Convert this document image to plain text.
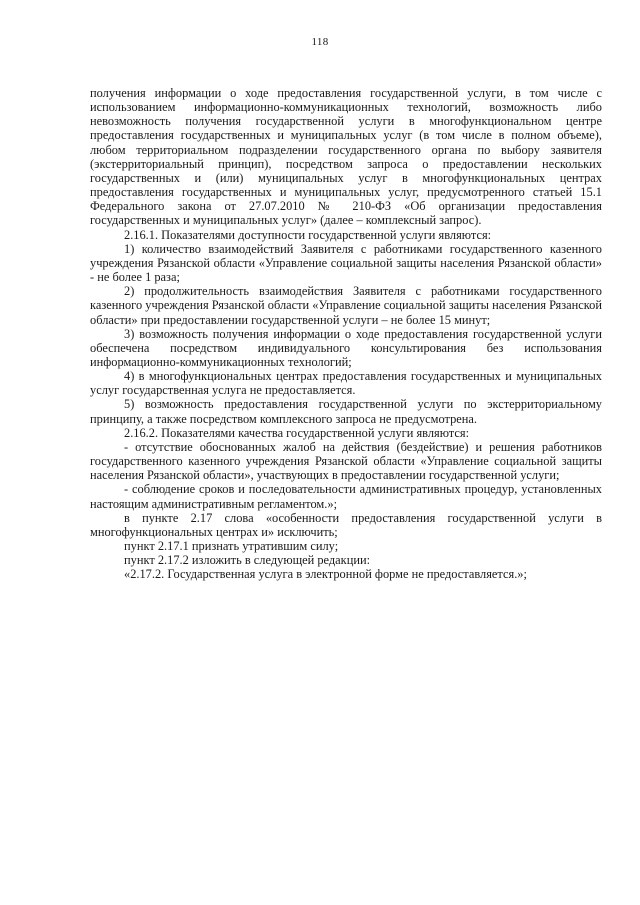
118

получения информации о ходе предоставления государственной услуги, в том числе с использованием информационно-коммуникационных технологий, возможность либо невозможность получения государственной услуги в многофункциональном центре предоставления государственных и муниципальных услуг (в том числе в полном объеме), любом территориальном подразделении государственного органа по выбору заявителя (экстерриториальный принцип), посредством запроса о предоставлении нескольких государственных и (или) муниципальных услуг в многофункциональных центрах предоставления государственных и муниципальных услуг, предусмотренного статьей 15.1 Федерального закона от 27.07.2010 № 210-ФЗ «Об организации предоставления государственных и муниципальных услуг» (далее – комплексный запрос).

2.16.1. Показателями доступности государственной услуги являются:

1) количество взаимодействий Заявителя с работниками государственного казенного учреждения Рязанской области «Управление социальной защиты населения Рязанской области» - не более 1 раза;

2) продолжительность взаимодействия Заявителя с работниками государственного казенного учреждения Рязанской области «Управление социальной защиты населения Рязанской области» при предоставлении государственной услуги – не более 15 минут;

3) возможность получения информации о ходе предоставления государственной услуги обеспечена посредством индивидуального консультирования без использования информационно-коммуникационных технологий;

4) в многофункциональных центрах предоставления государственных и муниципальных услуг государственная услуга не предоставляется.

5) возможность предоставления государственной услуги по экстерриториальному принципу, а также посредством комплексного запроса не предусмотрена.

2.16.2. Показателями качества государственной услуги являются:

- отсутствие обоснованных жалоб на действия (бездействие) и решения работников государственного казенного учреждения Рязанской области «Управление социальной защиты населения Рязанской области», участвующих в предоставлении государственной услуги;

- соблюдение сроков и последовательности административных процедур, установленных настоящим административным регламентом.»;

в пункте 2.17 слова «особенности предоставления государственной услуги в многофункциональных центрах и» исключить;

пункт 2.17.1 признать утратившим силу;

пункт 2.17.2 изложить в следующей редакции:

«2.17.2. Государственная услуга в электронной форме не предоставляется.»;
